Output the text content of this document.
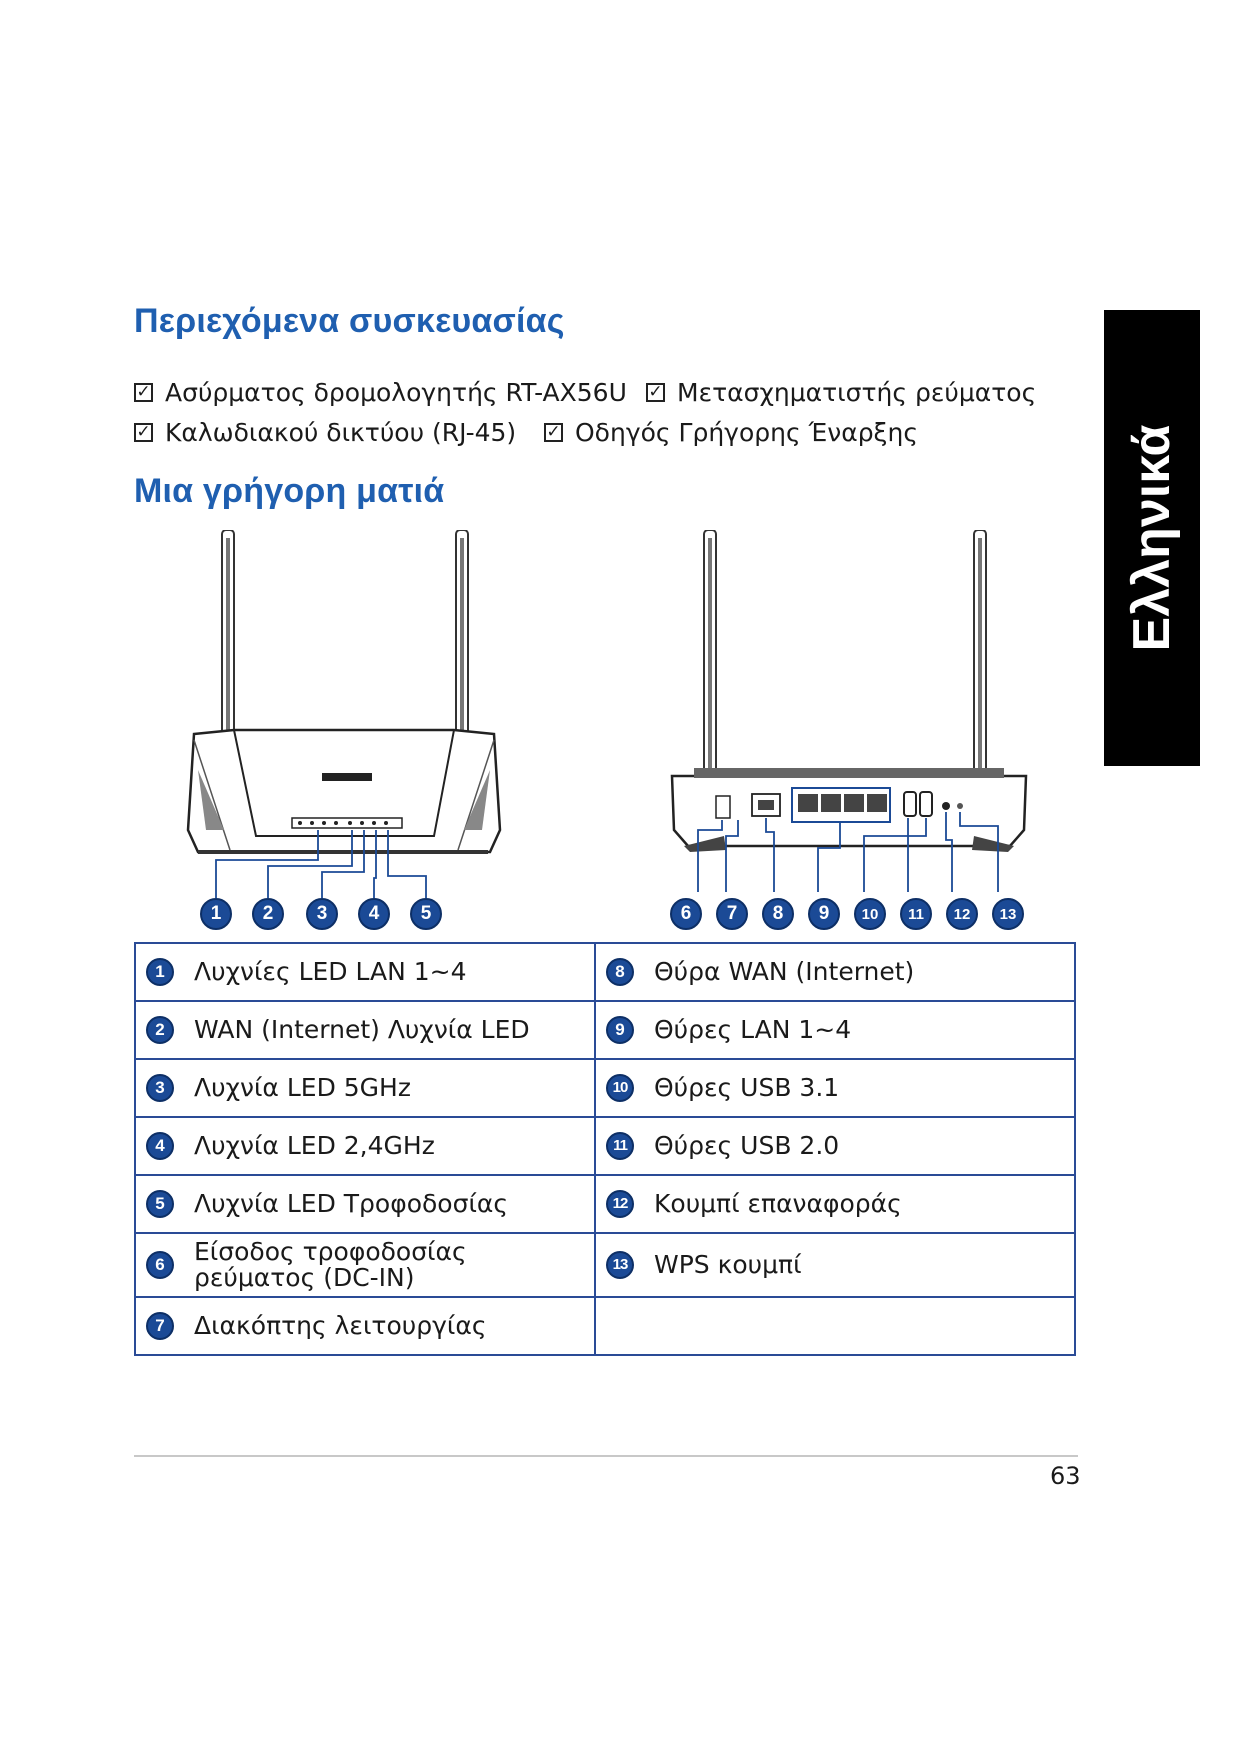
Περιεχόμενα συσκευασίας
✓ Ασύρματος δρομολογητής RT-AX56U ✓ Μετασχηματιστής ρεύματος
✓ Καλωδιακού δικτύου (RJ-45) ✓ Οδηγός Γρήγορης Έναρξης
Μια γρήγορη ματιά	Ελληνικά
1	2	3	4	5	6	7	8	9	10	11	12	13
1 Λυχνίες LED LAN 1~4	8 Θύρα WAN (Internet)

2 WAN (Internet) Λυχνία LED	9 Θύρες LAN 1~4

3 Λυχνία LED 5GHz	10 Θύρες USB 3.1

4 Λυχνία LED 2,4GHz	11 Θύρες USB 2.0

5 Λυχνία LED Τροφοδοσίας	12 Κουμπί επαναφοράς

6 Είσοδος τροφοδοσίας ρεύματος (DC-IN)	13 WPS κουμπί

7 Διακόπτης λειτουργίας	

63
